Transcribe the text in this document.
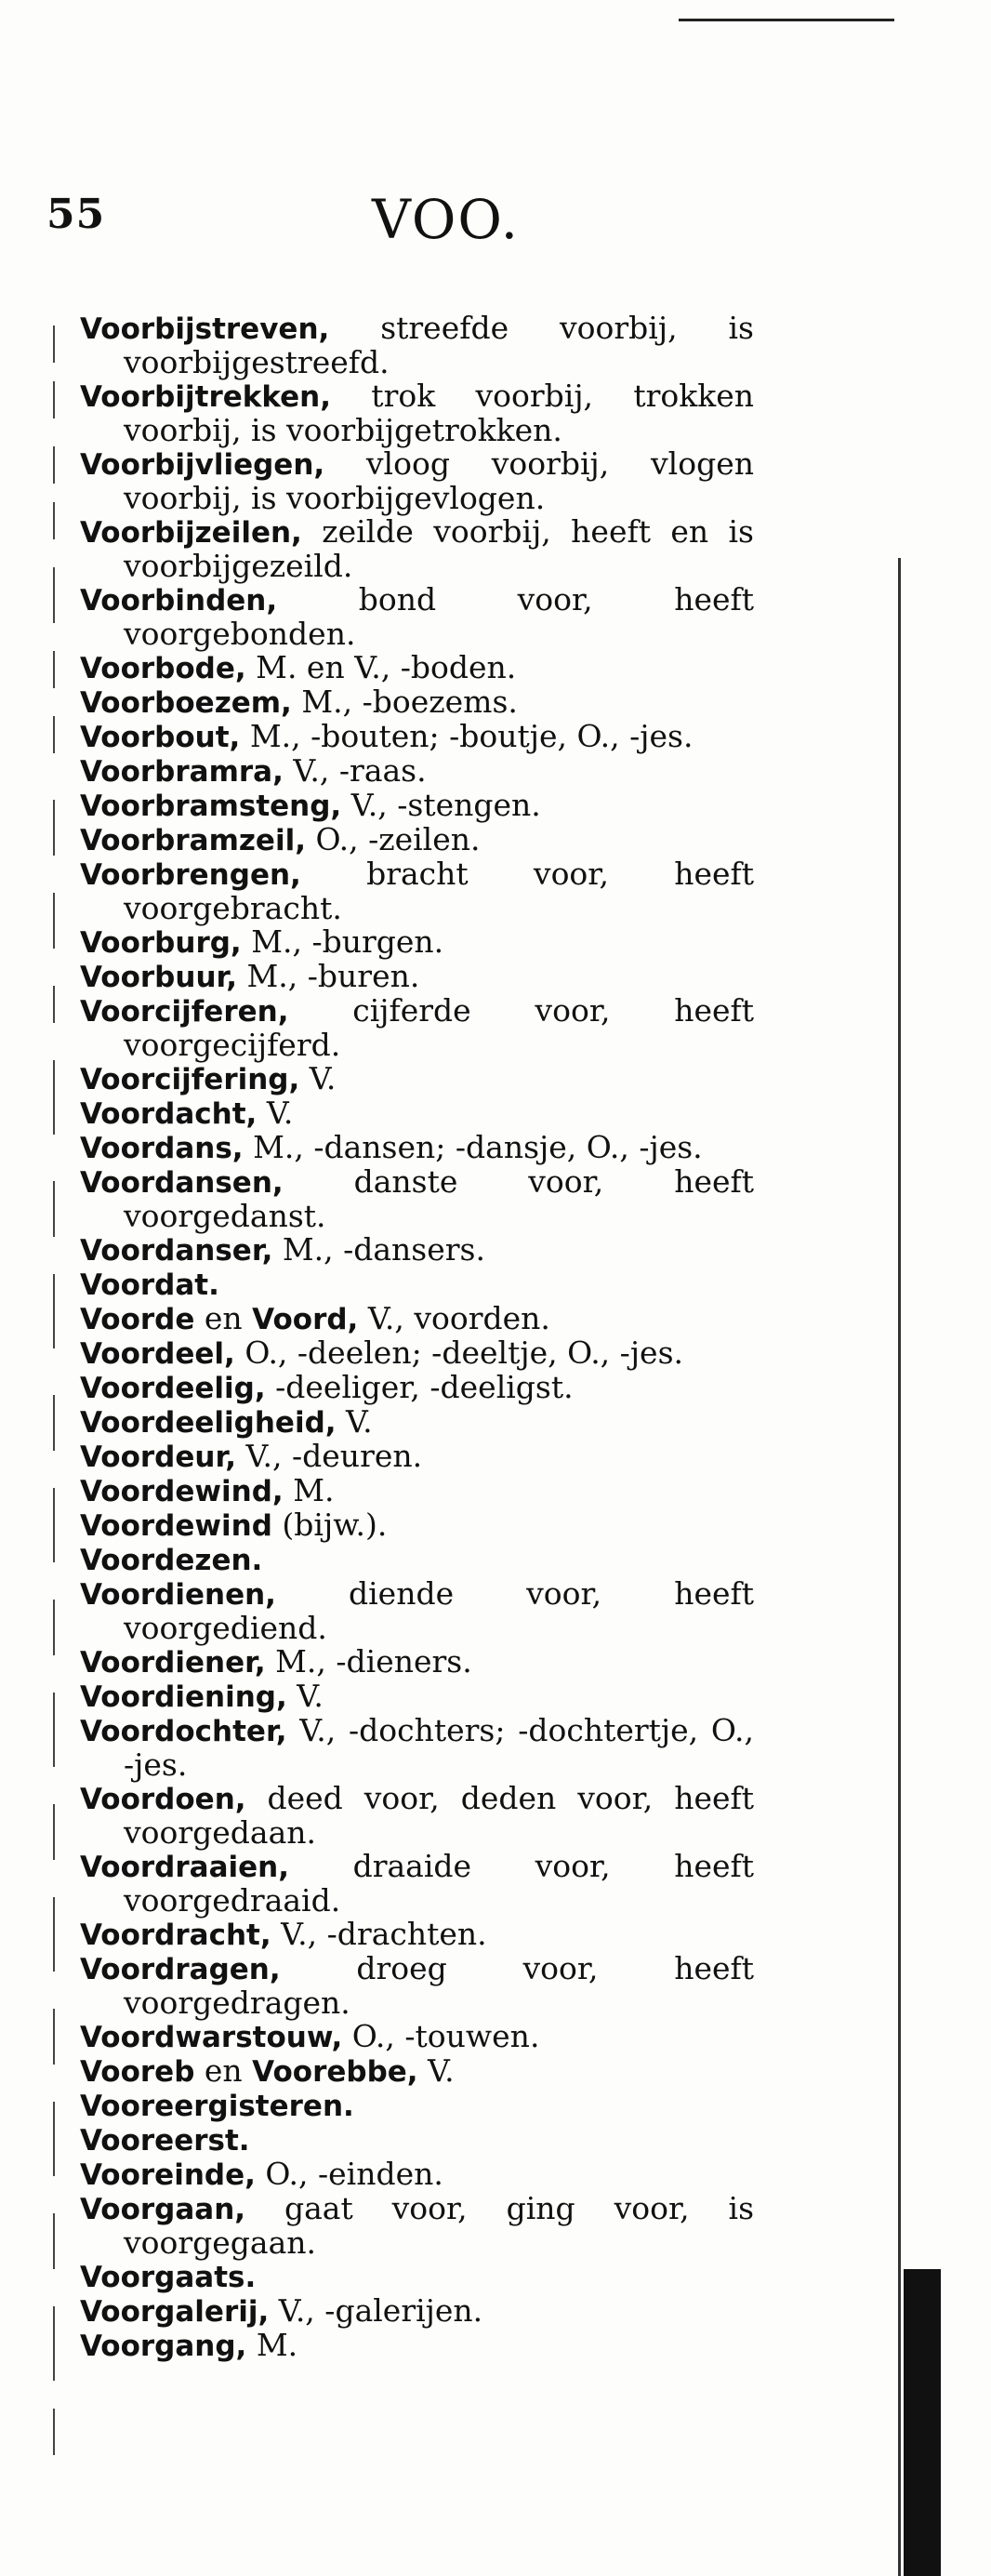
55	VOO.

Voorbijstreven, streefde voorbij, is voorbijgestreefd.

Voorbijtrekken, trok voorbij, trokken voorbij, is voorbijgetrokken.

Voorbijvliegen, vloog voorbij, vlogen voorbij, is voorbijgevlogen.

Voorbijzeilen, zeilde voorbij, heeft en is voorbijgezeild.

Voorbinden, bond voor, heeft voorgebonden.

Voorbode, M. en V., -boden.

Voorboezem, M., -boezems.

Voorbout, M., -bouten; -boutje, O., -jes.

Voorbramra, V., -raas.

Voorbramsteng, V., -stengen.

Voorbramzeil, O., -zeilen.

Voorbrengen, bracht voor, heeft voorgebracht.

Voorburg, M., -burgen.

Voorbuur, M., -buren.

Voorcijferen, cijferde voor, heeft voorgecijferd.

Voorcijfering, V.

Voordacht, V.

Voordans, M., -dansen; -dansje, O., -jes.

Voordansen, danste voor, heeft voorgedanst.

Voordanser, M., -dansers.

Voordat.

Voorde en Voord, V., voorden.

Voordeel, O., -deelen; -deeltje, O., -jes.

Voordeelig, -deeliger, -deeligst.

Voordeeligheid, V.

Voordeur, V., -deuren.

Voordewind, M.

Voordewind (bijw.).

Voordezen.

Voordienen, diende voor, heeft voorgediend.

Voordiener, M., -dieners.

Voordiening, V.

Voordochter, V., -dochters; -dochtertje, O., -jes.

Voordoen, deed voor, deden voor, heeft voorgedaan.

Voordraaien, draaide voor, heeft voorgedraaid.

Voordracht, V., -drachten.

Voordragen, droeg voor, heeft voorgedragen.

Voordwarstouw, O., -touwen.

Vooreb en Voorebbe, V.

Vooreergisteren.

Vooreerst.

Vooreinde, O., -einden.

Voorgaan, gaat voor, ging voor, is voorgegaan.

Voorgaats.

Voorgalerij, V., -galerijen.

Voorgang, M.
